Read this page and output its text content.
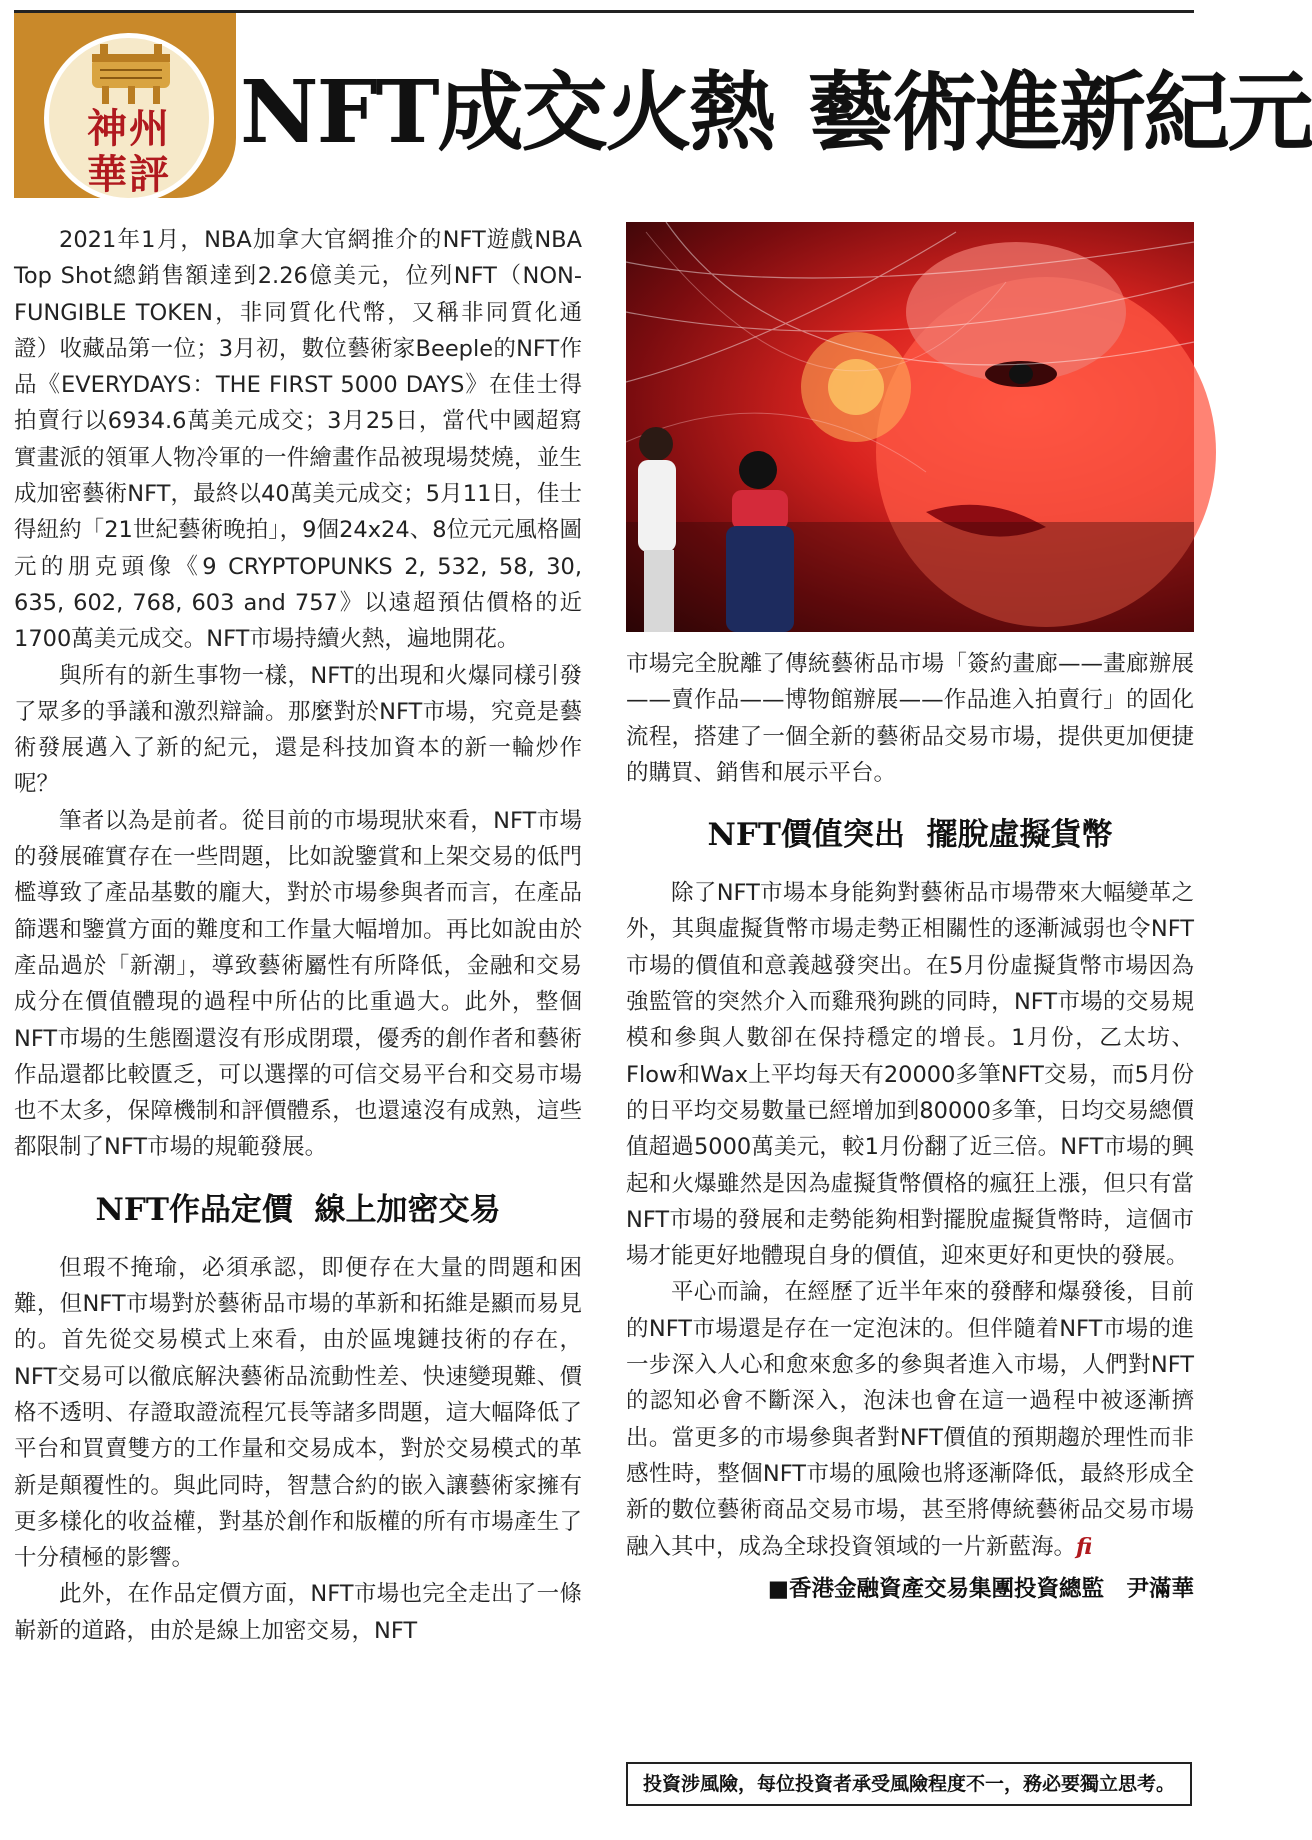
神州
華評

NFT成交火熱 藝術進新紀元

2021年1月，NBA加拿大官網推介的NFT遊戲NBA Top Shot總銷售額達到2.26億美元，位列NFT（NON-FUNGIBLE TOKEN，非同質化代幣，又稱非同質化通證）收藏品第一位；3月初，數位藝術家Beeple的NFT作品《EVERYDAYS：THE FIRST 5000 DAYS》在佳士得拍賣行以6934.6萬美元成交；3月25日，當代中國超寫實畫派的領軍人物冷軍的一件繪畫作品被現場焚燒，並生成加密藝術NFT，最終以40萬美元成交；5月11日，佳士得紐約「21世紀藝術晚拍」，9個24x24、8位元元風格圖元的朋克頭像《9 CRYPTOPUNKS 2, 532, 58, 30, 635, 602, 768, 603 and 757》以遠超預估價格的近1700萬美元成交。NFT市場持續火熱，遍地開花。

與所有的新生事物一樣，NFT的出現和火爆同樣引發了眾多的爭議和激烈辯論。那麼對於NFT市場，究竟是藝術發展邁入了新的紀元，還是科技加資本的新一輪炒作呢？

筆者以為是前者。從目前的市場現狀來看，NFT市場的發展確實存在一些問題，比如說鑒賞和上架交易的低門檻導致了產品基數的龐大，對於市場參與者而言，在產品篩選和鑒賞方面的難度和工作量大幅增加。再比如說由於產品過於「新潮」，導致藝術屬性有所降低，金融和交易成分在價值體現的過程中所佔的比重過大。此外，整個NFT市場的生態圈還沒有形成閉環，優秀的創作者和藝術作品還都比較匱乏，可以選擇的可信交易平台和交易市場也不太多，保障機制和評價體系，也還遠沒有成熟，這些都限制了NFT市場的規範發展。

NFT作品定價  線上加密交易

但瑕不掩瑜，必須承認，即便存在大量的問題和困難，但NFT市場對於藝術品市場的革新和拓維是顯而易見的。首先從交易模式上來看，由於區塊鏈技術的存在，NFT交易可以徹底解決藝術品流動性差、快速變現難、價格不透明、存證取證流程冗長等諸多問題，這大幅降低了平台和買賣雙方的工作量和交易成本，對於交易模式的革新是顛覆性的。與此同時，智慧合約的嵌入讓藝術家擁有更多樣化的收益權，對基於創作和版權的所有市場產生了十分積極的影響。

此外，在作品定價方面，NFT市場也完全走出了一條嶄新的道路，由於是線上加密交易，NFT

市場完全脫離了傳統藝術品市場「簽約畫廊——畫廊辦展——賣作品——博物館辦展——作品進入拍賣行」的固化流程，搭建了一個全新的藝術品交易市場，提供更加便捷的購買、銷售和展示平台。

NFT價值突出  擺脫虛擬貨幣

除了NFT市場本身能夠對藝術品市場帶來大幅變革之外，其與虛擬貨幣市場走勢正相關性的逐漸減弱也令NFT市場的價值和意義越發突出。在5月份虛擬貨幣市場因為強監管的突然介入而雞飛狗跳的同時，NFT市場的交易規模和參與人數卻在保持穩定的增長。1月份，乙太坊、Flow和Wax上平均每天有20000多筆NFT交易，而5月份的日平均交易數量已經增加到80000多筆，日均交易總價值超過5000萬美元，較1月份翻了近三倍。NFT市場的興起和火爆雖然是因為虛擬貨幣價格的瘋狂上漲，但只有當NFT市場的發展和走勢能夠相對擺脫虛擬貨幣時，這個市場才能更好地體現自身的價值，迎來更好和更快的發展。

平心而論，在經歷了近半年來的發酵和爆發後，目前的NFT市場還是存在一定泡沫的。但伴隨着NFT市場的進一步深入人心和愈來愈多的參與者進入市場，人們對NFT的認知必會不斷深入，泡沫也會在這一過程中被逐漸擠出。當更多的市場參與者對NFT價值的預期趨於理性而非感性時，整個NFT市場的風險也將逐漸降低，最終形成全新的數位藝術商品交易市場，甚至將傳統藝術品交易市場融入其中，成為全球投資領域的一片新藍海。fi

■香港金融資產交易集團投資總監　尹滿華
投資涉風險，每位投資者承受風險程度不一，務必要獨立思考。
